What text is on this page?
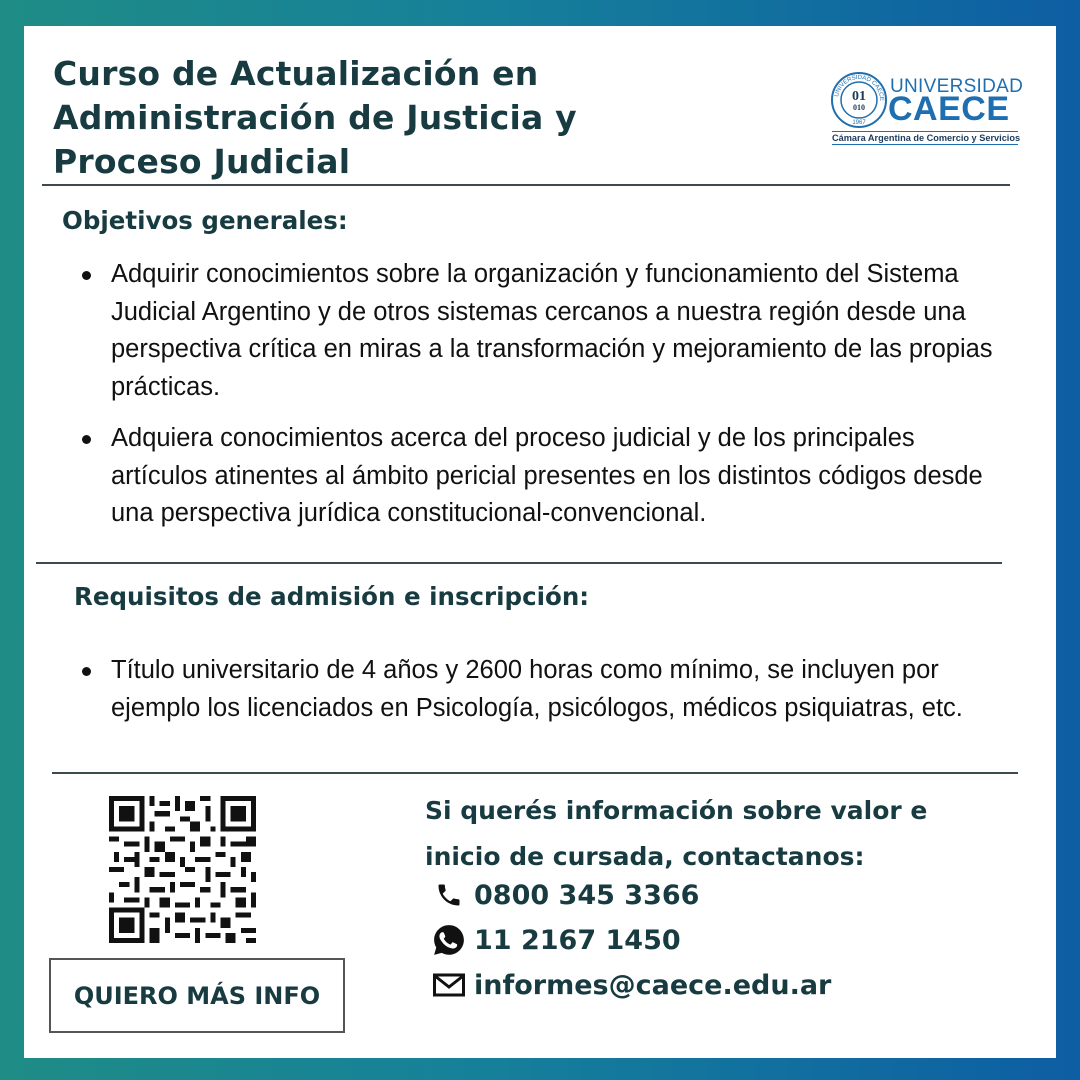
Curso de Actualización en
Administración de Justicia y
Proceso Judicial
UNIVERSIDAD CAECE
01
010
1967
UNIVERSIDAD
CAECE
Cámara Argentina de Comercio y Servicios
Objetivos generales:
Adquirir conocimientos sobre la organización y funcionamiento del Sistema Judicial Argentino y de otros sistemas cercanos a nuestra región desde una perspectiva crítica en miras a la transformación y mejoramiento de las propias prácticas.
Adquiera conocimientos acerca del proceso judicial y de los principales artículos atinentes al ámbito pericial presentes en los distintos códigos desde una perspectiva jurídica constitucional-convencional.
Requisitos de admisión e inscripción:
Título universitario de 4 años y 2600 horas como mínimo, se incluyen por ejemplo los licenciados en Psicología, psicólogos, médicos psiquiatras, etc.
QUIERO MÁS INFO
Si querés información sobre valor e
inicio de cursada, contactanos:
0800 345 3366
11 2167 1450
informes@caece.edu.ar
